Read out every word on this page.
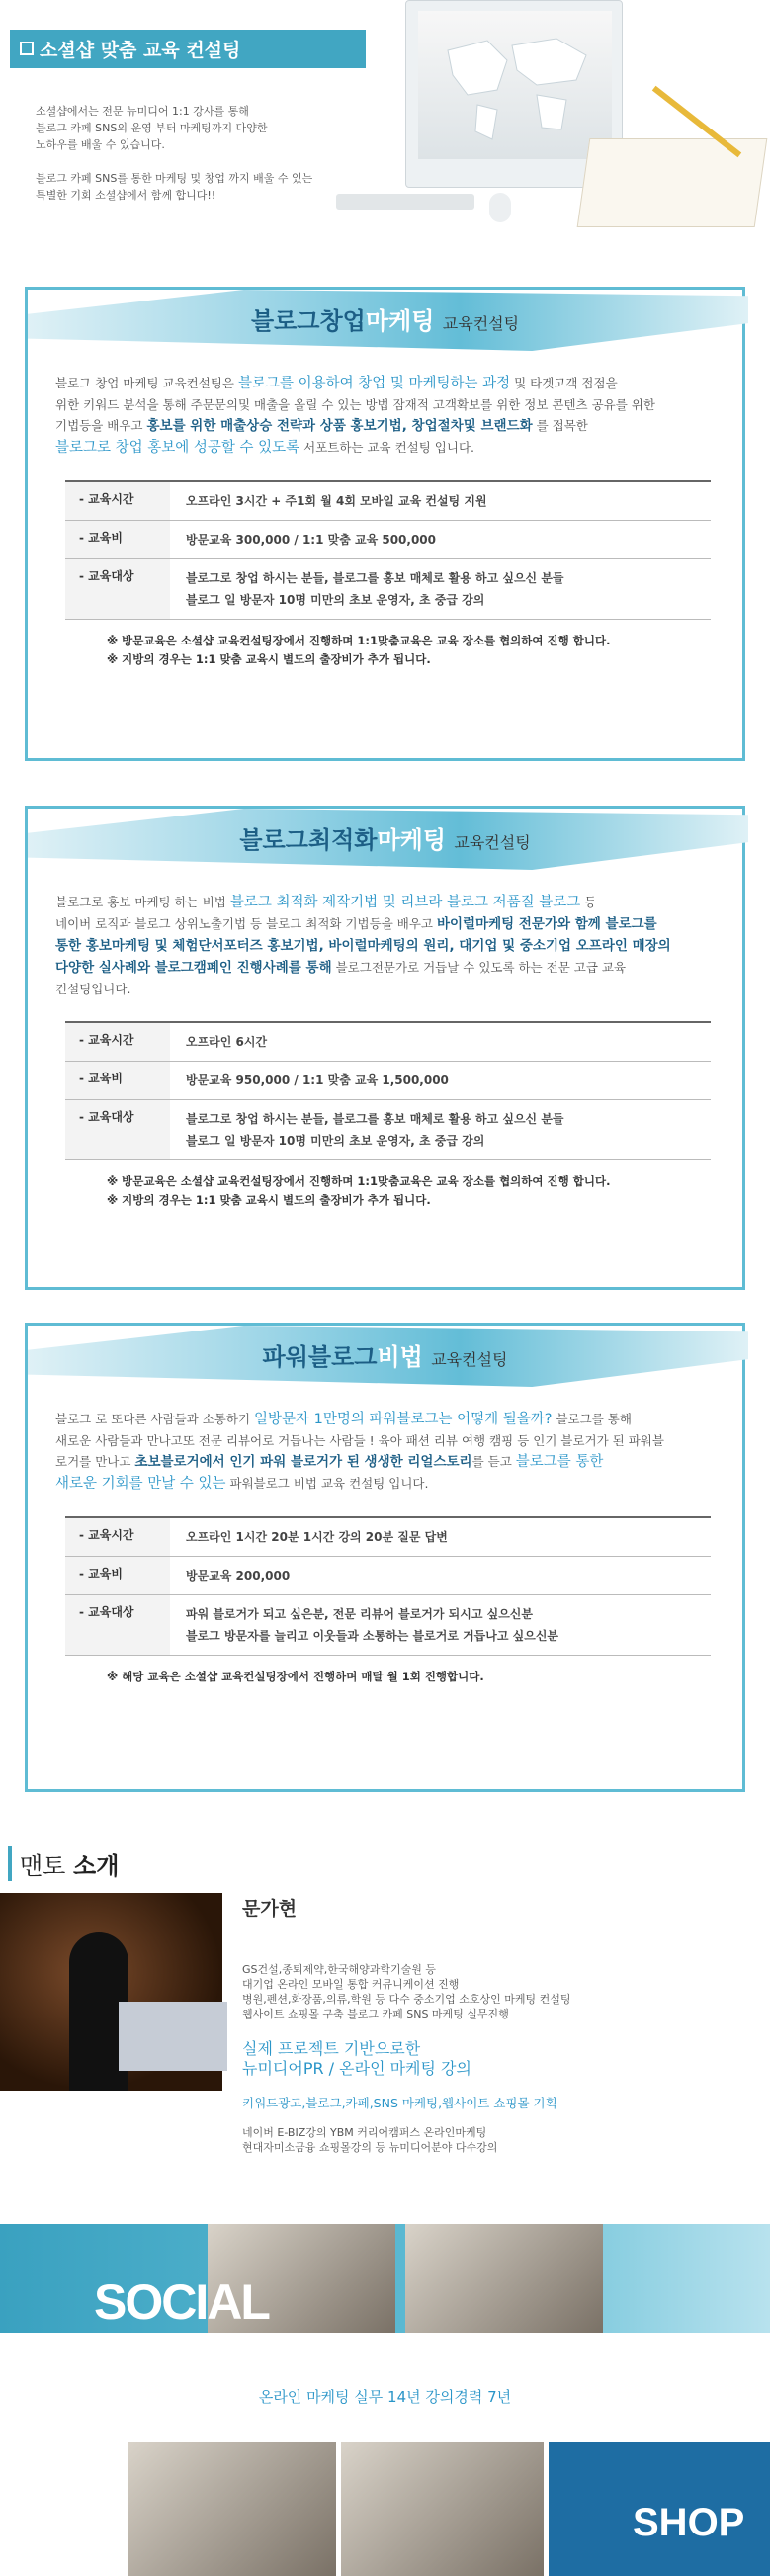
소셜샵 맞춤 교육 컨설팅
소셜샵에서는 전문 뉴미디어 1:1 강사를 통해
블로그 카페 SNS의 운영 부터 마케팅까지 다양한
노하우를 배울 수 있습니다.
블로그 카페 SNS를 통한 마케팅 및 창업 까지 배울 수 있는
특별한 기회 소셜샵에서 함께 합니다!!
블로그창업마케팅 교육컨설팅
블로그 창업 마케팅 교육컨설팅은 블로그를 이용하여 창업 및 마케팅하는 과정 및 타겟고객 접점을
위한 키워드 분석을 통해 주문문의및 매출을 올릴 수 있는 방법 잠재적 고객확보를 위한 정보 콘텐츠 공유를 위한
기법등을 배우고 홍보를 위한 매출상승 전략과 상품 홍보기법, 창업절차및 브랜드화 를 접목한
블로그로 창업 홍보에 성공할 수 있도록 서포트하는 교육 컨설팅 입니다.
- 교육시간	오프라인 3시간 + 주1회 월 4회 모바일 교육 컨설팅 지원
- 교육비	방문교육 300,000 / 1:1 맞춤 교육 500,000
- 교육대상	블로그로 창업 하시는 분들, 블로그를 홍보 매체로 활용 하고 싶으신 분들
블로그 일 방문자 10명 미만의 초보 운영자, 초 중급 강의
※ 방문교육은 소셜샵 교육컨설팅장에서 진행하며 1:1맞춤교육은 교육 장소를 협의하여 진행 합니다.
※ 지방의 경우는 1:1 맞춤 교육시 별도의 출장비가 추가 됩니다.
블로그최적화마케팅 교육컨설팅
블로그로 홍보 마케팅 하는 비법 블로그 최적화 제작기법 및 리브라 블로그 저품질 블로그 등
네이버 로직과 블로그 상위노출기법 등 블로그 최적화 기법등을 배우고 바이럴마케팅 전문가와 함께 블로그를
통한 홍보마케팅 및 체험단서포터즈 홍보기법, 바이럴마케팅의 원리, 대기업 및 중소기업 오프라인 매장의
다양한 실사례와 블로그캠페인 진행사례를 통해 블로그전문가로 거듭날 수 있도록 하는 전문 고급 교육
컨설팅입니다.
- 교육시간	오프라인 6시간
- 교육비	방문교육 950,000 / 1:1 맞춤 교육 1,500,000
- 교육대상	블로그로 창업 하시는 분들, 블로그를 홍보 매체로 활용 하고 싶으신 분들
블로그 일 방문자 10명 미만의 초보 운영자, 초 중급 강의
※ 방문교육은 소셜샵 교육컨설팅장에서 진행하며 1:1맞춤교육은 교육 장소를 협의하여 진행 합니다.
※ 지방의 경우는 1:1 맞춤 교육시 별도의 출장비가 추가 됩니다.
파워블로그비법 교육컨설팅
블로그 로 또다른 사람들과 소통하기 일방문자 1만명의 파워블로그는 어떻게 될을까? 블로그를 통해
새로운 사람들과 만나고또 전문 리뷰어로 거듭나는 사람들 ! 육아 패션 리뷰 여행 캠핑 등 인기 블로거가 된 파워블
로거를 만나고 초보블로거에서 인기 파워 블로거가 된 생생한 리얼스토리를 듣고 블로그를 통한
새로운 기회를 만날 수 있는 파워블로그 비법 교육 컨설팅 입니다.
- 교육시간	오프라인 1시간 20분 1시간 강의 20분 질문 답변
- 교육비	방문교육 200,000
- 교육대상	파워 블로거가 되고 싶은분, 전문 리뷰어 블로거가 되시고 싶으신분
블로그 방문자를 늘리고 이웃들과 소통하는 블로거로 거듭나고 싶으신분
※ 해당 교육은 소셜샵 교육컨설팅장에서 진행하며 매달 월 1회 진행합니다.
맨토 소개
문가현
GS건설,종퇴제약,한국해양과학기술원 등
대기업 온라인 모바일 통합 커뮤니케이션 진행
병원,펜션,화장품,의류,학원 등 다수 중소기업 소호상인 마케팅 컨설팅
웹사이트 쇼핑몰 구축 블로그 카페 SNS 마케팅 실무진행
실제 프로젝트 기반으로한
뉴미디어PR / 온라인 마케팅 강의
키워드광고,블로그,카페,SNS 마케팅,웹사이트 쇼핑몰 기획
네이버 E-BIZ강의 YBM 커리어캠퍼스 온라인마케팅
현대자미소금융 쇼핑몰강의 등 뉴미디어분야 다수강의
SOCIAL
온라인 마케팅 실무 14년 강의경력 7년
SHOP
